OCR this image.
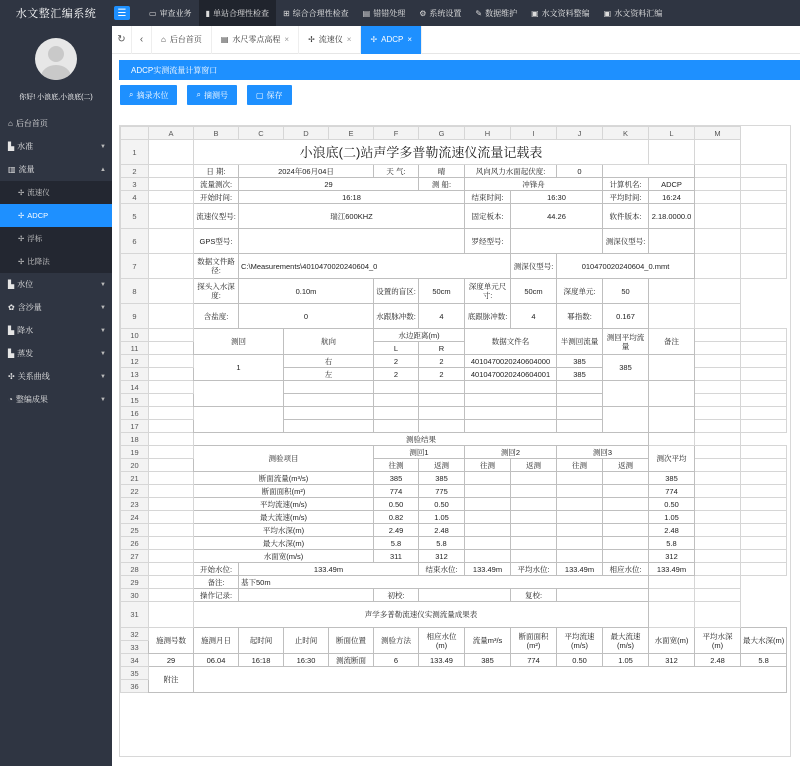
水文整汇编系统	☰	▭ 审查业务 ▮ 单站合理性检查 ⊞ 综合合理性检查 ▤ 错错处理 ⚙ 系统设置 ✎ 数据维护 ▣ 水文资料整编 ▣ 水文资料汇编
你好! 小浪底,小浪底(二)
⌂ 后台首页
▙ 水准	▼
▥ 流量	▲
✢ 流速仪
✢ ADCP
✢ 浮标
✢ 比降法
▙ 水位	▼
✿ 含沙量	▼
▙ 降水	▼
▙ 蒸发	▼
✣ 关系曲线	▼
◔ 整编成果	▼
↻	‹	⌂ 后台首页 ▤ 水尺零点高程 × ✢ 流速仪 × ✢ ADCP ×
ADCP实测流量计算窗口
⌕ 摘录水位	⌕ 摘测号	▢ 保存
	A	B	C	D	E	F	G	H	I	J	K	L	M	
1		小浪底(二)站声学多普勒流速仪流量记载表												
2		日 期:	2024年06月04日			天 气:	晴	风向风力水面起伏度:		0				
3		流量测次:	29				测 船:	冲锋舟			计算机名:	ADCP		
4		开始时间:	16:18					结束时间:	16:30		平均时间:	16:24		
5		流速仪型号:	瑞江600KHZ					固定板本:	44.26		软件版本:	2.18.0000.0		
6		GPS型号:						罗经型号:			测深仪型号:			
7		数据文件路径:	C:\Measurements\4010470020240604_0						测深仪型号:	010470020240604_0.mmt				
8		探头入水深度:	0.10m			设置的盲区:	50cm	深度单元尺寸:	50cm	深度单元:	50			
9		含盐度:	0			水跟脉冲数:	4	底跟脉冲数:	4	幂指数:	0.167			
10		测回		航向		水边距离(m)		数据文件名		半测回流量	测回平均流量	备注		
11						L	R							
12		1		右		2	2	4010470020240604000		385	385			
13				左		2	2	4010470020240604001		385				
14														
15														
16														
17														
18		测验结果												
19		测验项目				测回1		测回2		测回3		测次平均		
20						往测	返测	往测	返测	往测	返测			
21		断面流量(m³/s)				385	385					385		
22		断面面积(m²)				774	775					774		
23		平均流速(m/s)				0.50	0.50					0.50		
24		最大流速(m/s)				0.82	1.05					1.05		
25		平均水深(m)				2.49	2.48					2.48		
26		最大水深(m)				5.8	5.8					5.8		
27		水面宽(m/s)				311	312					312		
28		开始水位:	133.49m				结束水位:	133.49m	平均水位:	133.49m	相应水位:	133.49m		
29		备注:	基下50m											
30		操作记录:				初校:			复校:					
31		声学多普勒流速仪实测流量成果表												
32	施测号数	施测月日	起时间	止时间	断面位置	测验方法	相应水位(m)	流量m³/s	断面面积(m²)	平均流速(m/s)	最大流速(m/s)	水面宽(m)	平均水深(m)	最大水深(m)
33														
34	29	06.04	16:18	16:30	测流断面	6	133.49	385	774	0.50	1.05	312	2.48	5.8
35	附注													
36														
